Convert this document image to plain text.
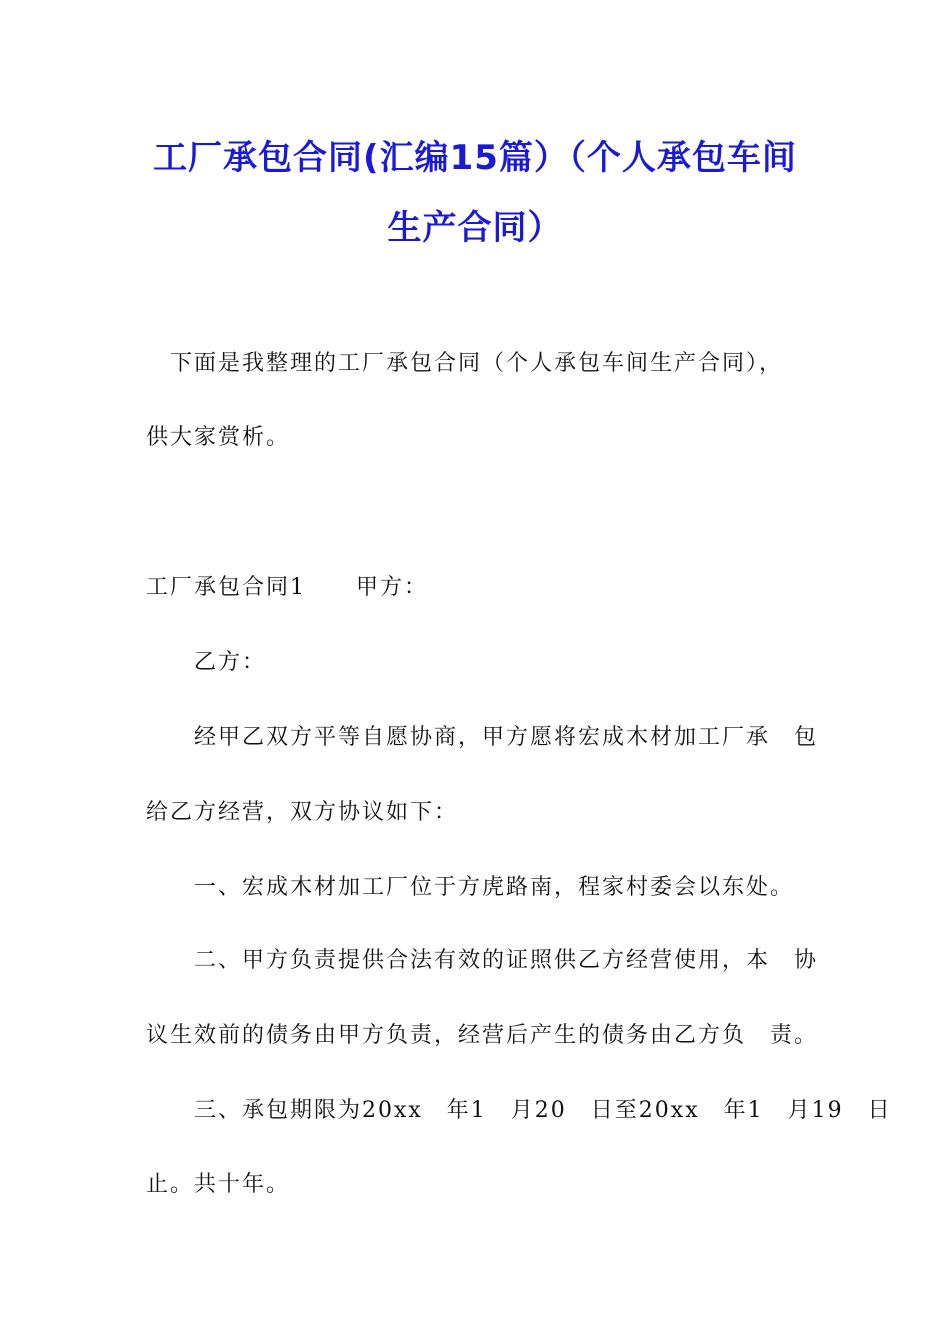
工厂承包合同(汇编15篇）（个人承包车间
生产合同）
下面是我整理的工厂承包合同（个人承包车间生产合同），
供大家赏析。
工厂承包合同1 甲方：
乙方：
经甲乙双方平等自愿协商，甲方愿将宏成木材加工厂承　包
给乙方经营，双方协议如下：
一、宏成木材加工厂位于方虎路南，程家村委会以东处。
二、甲方负责提供合法有效的证照供乙方经营使用，本　协
议生效前的债务由甲方负责，经营后产生的债务由乙方负　责。
三、承包期限为20xx　年1　月20　日至20xx　年1　月19　日
止。共十年。
